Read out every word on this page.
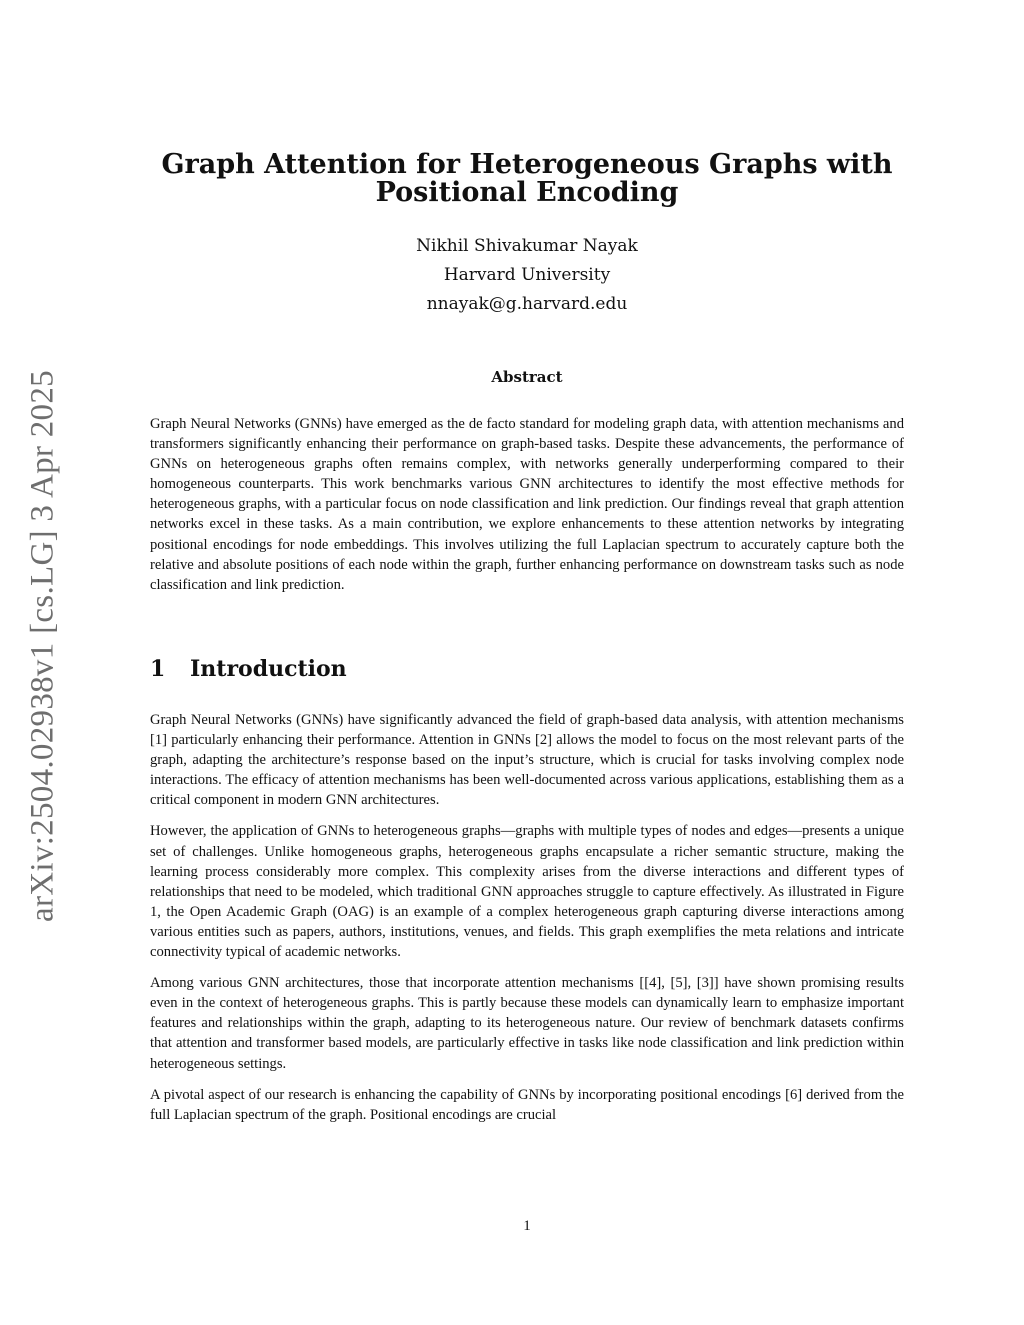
arXiv:2504.02938v1 [cs.LG] 3 Apr 2025
Graph Attention for Heterogeneous Graphs with
Positional Encoding
Nikhil Shivakumar Nayak
Harvard University
nnayak@g.harvard.edu
Abstract

Graph Neural Networks (GNNs) have emerged as the de facto standard for modeling graph data, with attention mechanisms and transformers significantly enhancing their performance on graph-based tasks. Despite these advancements, the performance of GNNs on heterogeneous graphs often remains complex, with networks generally underperforming compared to their homogeneous counterparts. This work benchmarks various GNN architectures to identify the most effective methods for heterogeneous graphs, with a particular focus on node classification and link prediction. Our findings reveal that graph attention networks excel in these tasks. As a main contribution, we explore enhancements to these attention networks by integrating positional encodings for node embeddings. This involves utilizing the full Laplacian spectrum to accurately capture both the relative and absolute positions of each node within the graph, further enhancing performance on downstream tasks such as node classification and link prediction.

1 Introduction

Graph Neural Networks (GNNs) have significantly advanced the field of graph-based data analysis, with attention mechanisms [1] particularly enhancing their performance. Attention in GNNs [2] allows the model to focus on the most relevant parts of the graph, adapting the architecture’s response based on the input’s structure, which is crucial for tasks involving complex node interactions. The efficacy of attention mechanisms has been well-documented across various applications, establishing them as a critical component in modern GNN architectures.

However, the application of GNNs to heterogeneous graphs—graphs with multiple types of nodes and edges—presents a unique set of challenges. Unlike homogeneous graphs, heterogeneous graphs encapsulate a richer semantic structure, making the learning process considerably more complex. This complexity arises from the diverse interactions and different types of relationships that need to be modeled, which traditional GNN approaches struggle to capture effectively. As illustrated in Figure 1, the Open Academic Graph (OAG) is an example of a complex heterogeneous graph capturing diverse interactions among various entities such as papers, authors, institutions, venues, and fields. This graph exemplifies the meta relations and intricate connectivity typical of academic networks.

Among various GNN architectures, those that incorporate attention mechanisms [[4], [5], [3]] have shown promising results even in the context of heterogeneous graphs. This is partly because these models can dynamically learn to emphasize important features and relationships within the graph, adapting to its heterogeneous nature. Our review of benchmark datasets confirms that attention and transformer based models, are particularly effective in tasks like node classification and link prediction within heterogeneous settings.

A pivotal aspect of our research is enhancing the capability of GNNs by incorporating positional encodings [6] derived from the full Laplacian spectrum of the graph. Positional encodings are crucial

1
